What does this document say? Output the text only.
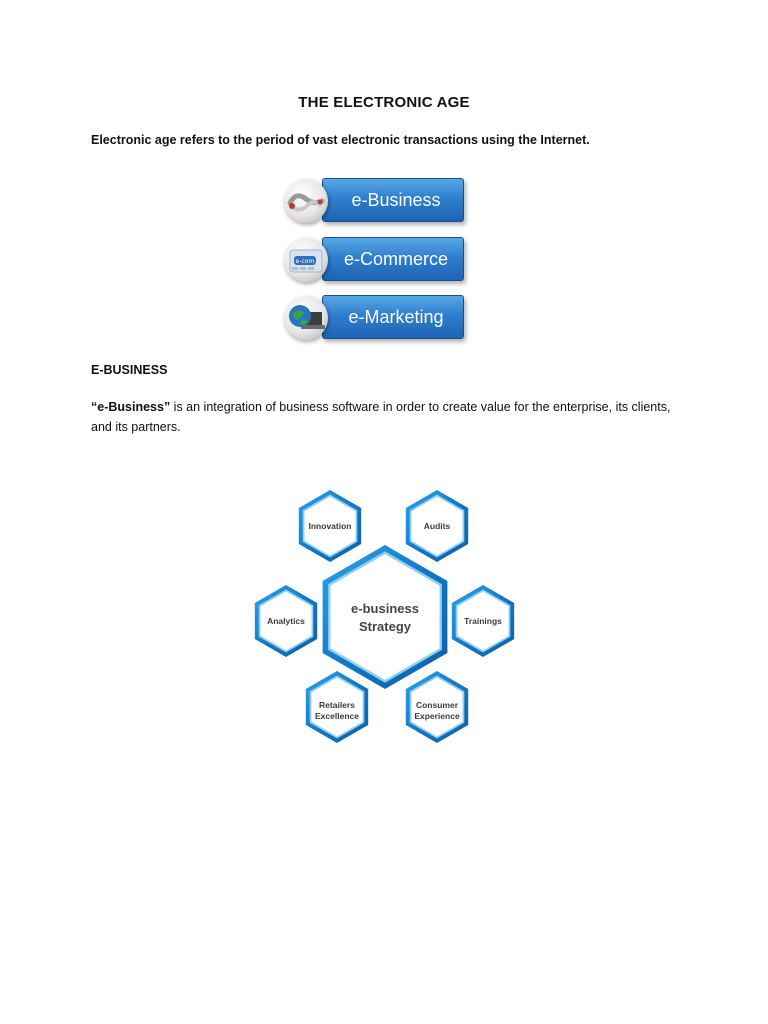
THE ELECTRONIC AGE
Electronic age refers to the period of vast electronic transactions using the Internet.
e-Business
e-com	e-Commerce
e-Marketing
E-BUSINESS
“e-Business” is an integration of business software in order to create value for the enterprise, its clients,
and its partners.
Innovation	Audits
Analytics	Trainings
Retailers
Excellence
Consumer
Experience
e-business
Strategy
